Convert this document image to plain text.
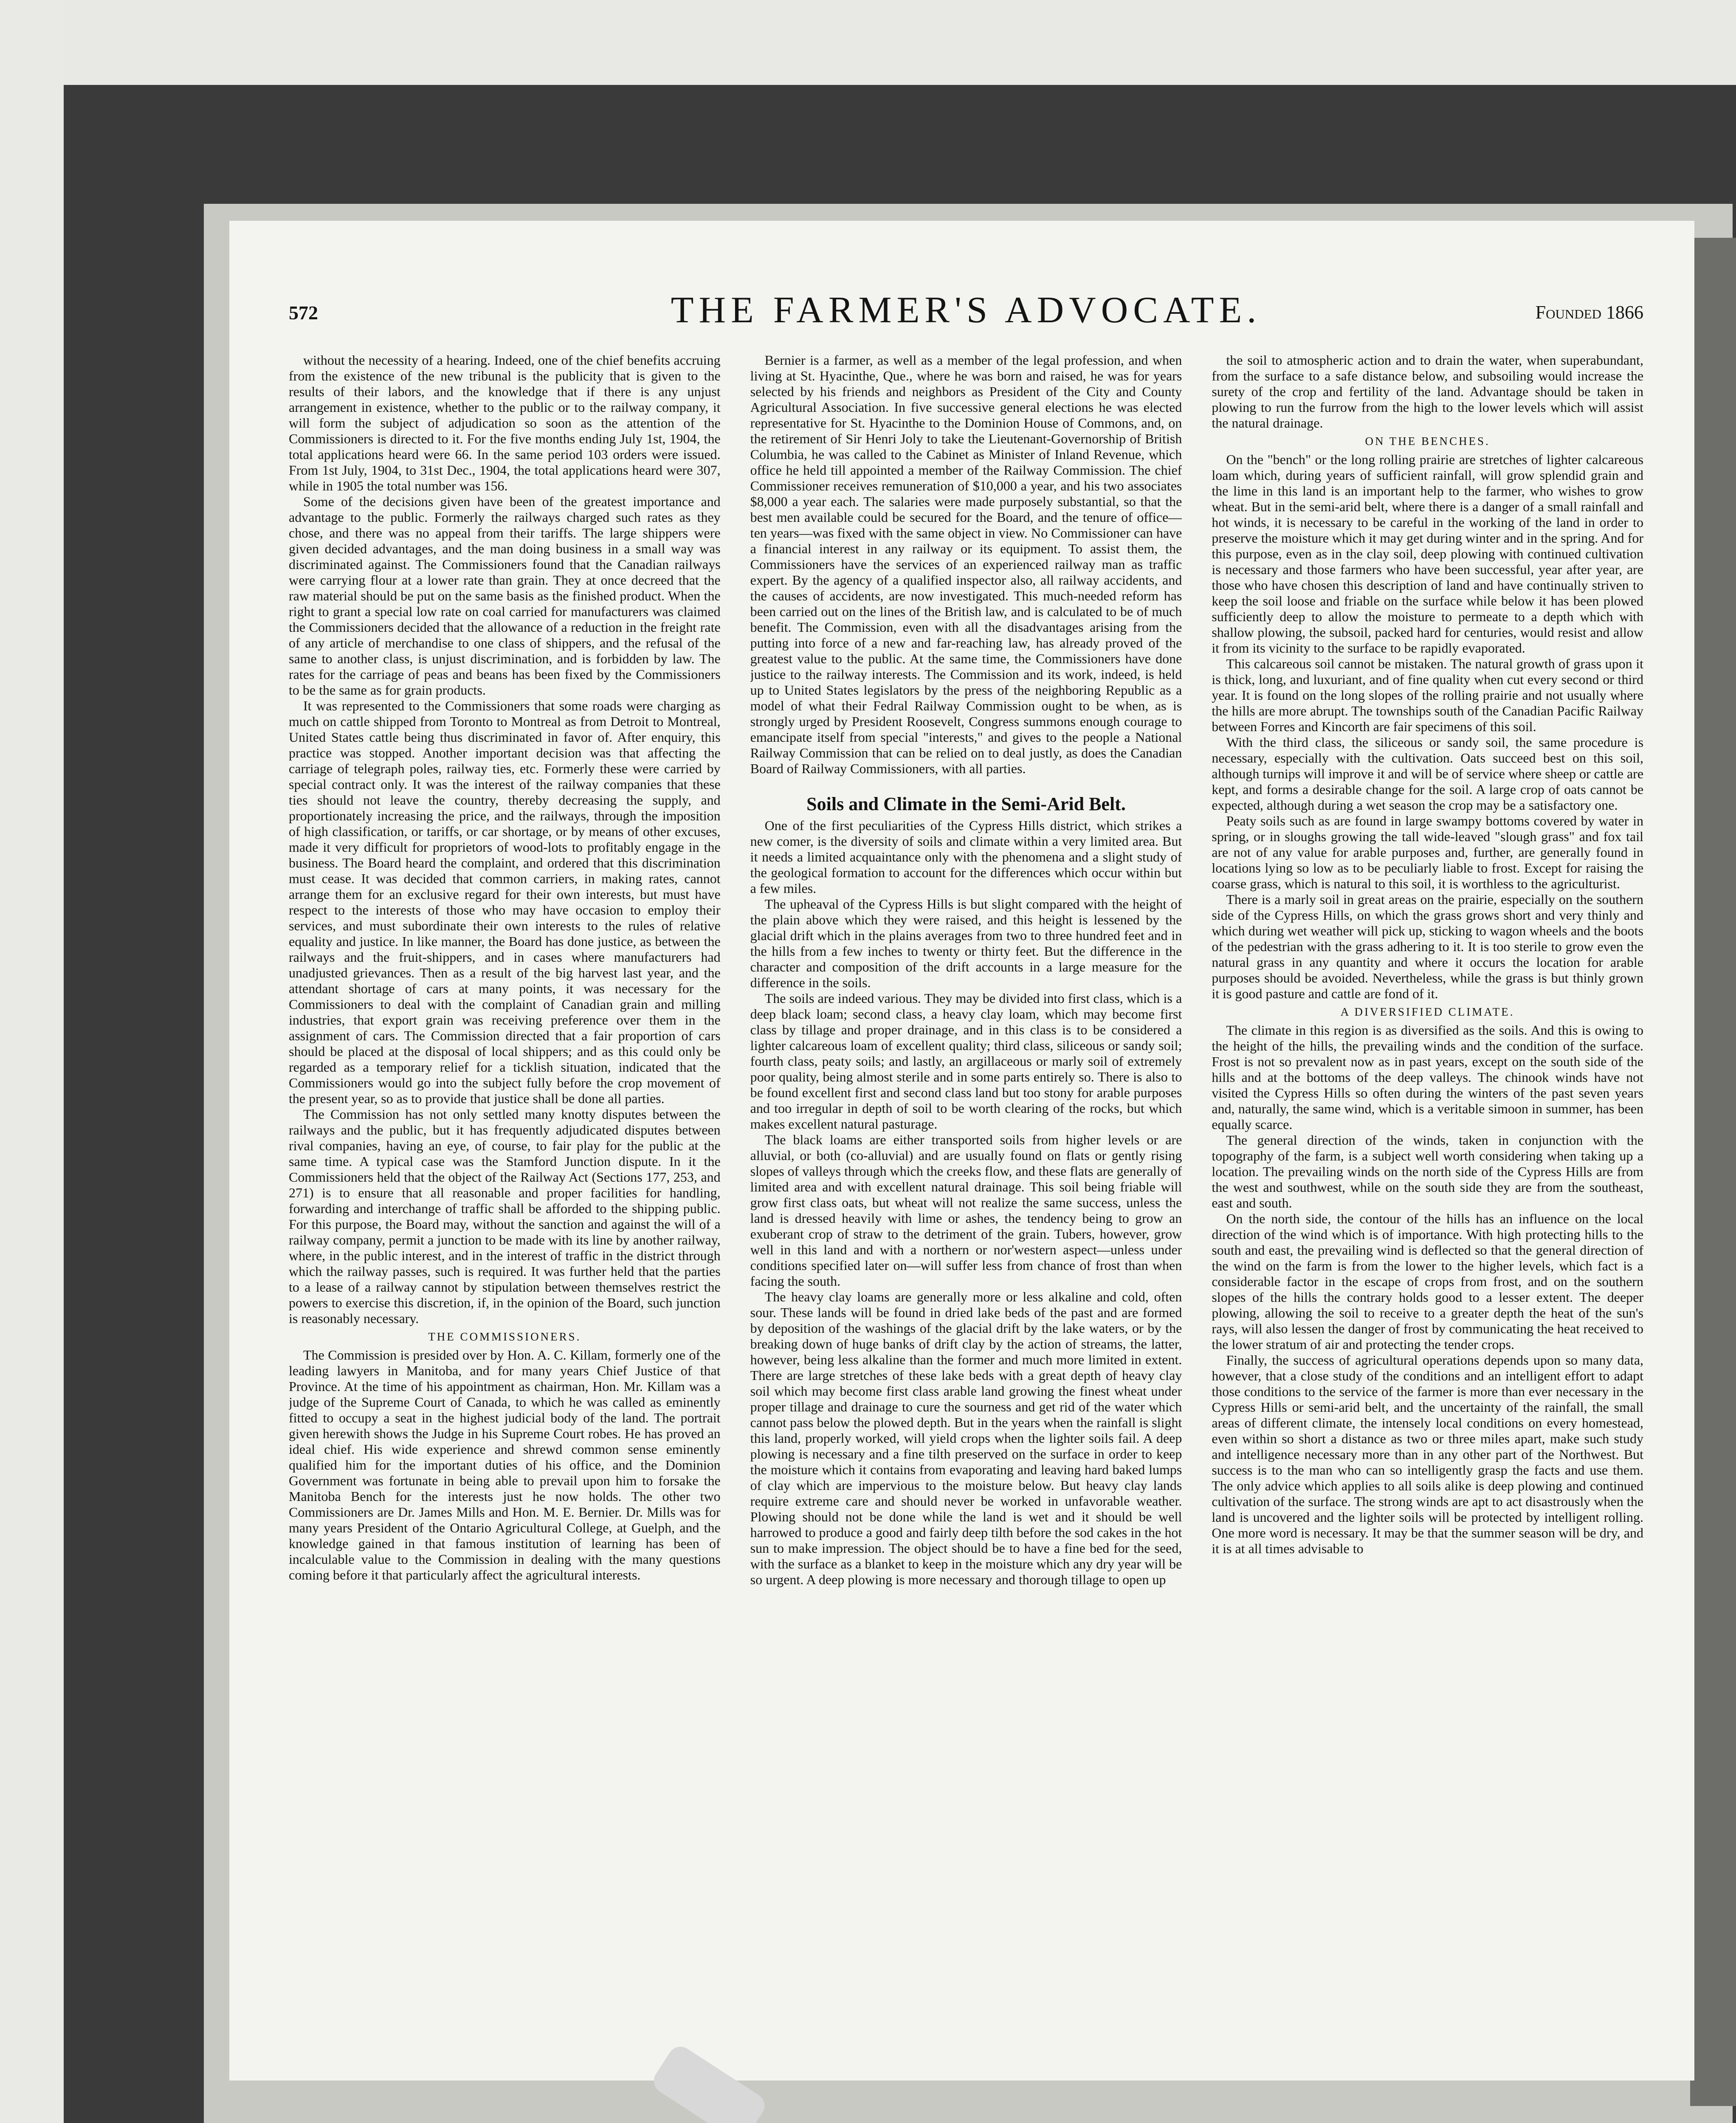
572	THE FARMER'S ADVOCATE.	Founded 1866

without the necessity of a hearing. Indeed, one of the chief benefits accruing from the existence of the new tribunal is the publicity that is given to the results of their labors, and the knowledge that if there is any unjust arrangement in existence, whether to the public or to the railway company, it will form the subject of adjudication so soon as the attention of the Commissioners is directed to it. For the five months ending July 1st, 1904, the total applications heard were 66. In the same period 103 orders were issued. From 1st July, 1904, to 31st Dec., 1904, the total applications heard were 307, while in 1905 the total number was 156.

Some of the decisions given have been of the greatest importance and advantage to the public. Formerly the railways charged such rates as they chose, and there was no appeal from their tariffs. The large shippers were given decided advantages, and the man doing business in a small way was discriminated against. The Commissioners found that the Canadian railways were carrying flour at a lower rate than grain. They at once decreed that the raw material should be put on the same basis as the finished product. When the right to grant a special low rate on coal carried for manufacturers was claimed the Commissioners decided that the allowance of a reduction in the freight rate of any article of merchandise to one class of shippers, and the refusal of the same to another class, is unjust discrimination, and is forbidden by law. The rates for the carriage of peas and beans has been fixed by the Commissioners to be the same as for grain products.

It was represented to the Commissioners that some roads were charging as much on cattle shipped from Toronto to Montreal as from Detroit to Montreal, United States cattle being thus discriminated in favor of. After enquiry, this practice was stopped. Another important decision was that affecting the carriage of telegraph poles, railway ties, etc. Formerly these were carried by special contract only. It was the interest of the railway companies that these ties should not leave the country, thereby decreasing the supply, and proportionately increasing the price, and the railways, through the imposition of high classification, or tariffs, or car shortage, or by means of other excuses, made it very difficult for proprietors of wood-lots to profitably engage in the business. The Board heard the complaint, and ordered that this discrimination must cease. It was decided that common carriers, in making rates, cannot arrange them for an exclusive regard for their own interests, but must have respect to the interests of those who may have occasion to employ their services, and must subordinate their own interests to the rules of relative equality and justice. In like manner, the Board has done justice, as between the railways and the fruit-shippers, and in cases where manufacturers had unadjusted grievances. Then as a result of the big harvest last year, and the attendant shortage of cars at many points, it was necessary for the Commissioners to deal with the complaint of Canadian grain and milling industries, that export grain was receiving preference over them in the assignment of cars. The Commission directed that a fair proportion of cars should be placed at the disposal of local shippers; and as this could only be regarded as a temporary relief for a ticklish situation, indicated that the Commissioners would go into the subject fully before the crop movement of the present year, so as to provide that justice shall be done all parties.

The Commission has not only settled many knotty disputes between the railways and the public, but it has frequently adjudicated disputes between rival companies, having an eye, of course, to fair play for the public at the same time. A typical case was the Stamford Junction dispute. In it the Commissioners held that the object of the Railway Act (Sections 177, 253, and 271) is to ensure that all reasonable and proper facilities for handling, forwarding and interchange of traffic shall be afforded to the shipping public. For this purpose, the Board may, without the sanction and against the will of a railway company, permit a junction to be made with its line by another railway, where, in the public interest, and in the interest of traffic in the district through which the railway passes, such is required. It was further held that the parties to a lease of a railway cannot by stipulation between themselves restrict the powers to exercise this discretion, if, in the opinion of the Board, such junction is reasonably necessary.

THE COMMISSIONERS.

The Commission is presided over by Hon. A. C. Killam, formerly one of the leading lawyers in Manitoba, and for many years Chief Justice of that Province. At the time of his appointment as chairman, Hon. Mr. Killam was a judge of the Supreme Court of Canada, to which he was called as eminently fitted to occupy a seat in the highest judicial body of the land. The portrait given herewith shows the Judge in his Supreme Court robes. He has proved an ideal chief. His wide experience and shrewd common sense eminently qualified him for the important duties of his office, and the Dominion Government was fortunate in being able to prevail upon him to forsake the Manitoba Bench for the interests just he now holds. The other two Commissioners are Dr. James Mills and Hon. M. E. Bernier. Dr. Mills was for many years President of the Ontario Agricultural College, at Guelph, and the knowledge gained in that famous institution of learning has been of incalculable value to the Commission in dealing with the many questions coming before it that particularly affect the agricultural interests.

Bernier is a farmer, as well as a member of the legal profession, and when living at St. Hyacinthe, Que., where he was born and raised, he was for years selected by his friends and neighbors as President of the City and County Agricultural Association. In five successive general elections he was elected representative for St. Hyacinthe to the Dominion House of Commons, and, on the retirement of Sir Henri Joly to take the Lieutenant-Governorship of British Columbia, he was called to the Cabinet as Minister of Inland Revenue, which office he held till appointed a member of the Railway Commission. The chief Commissioner receives remuneration of $10,000 a year, and his two associates $8,000 a year each. The salaries were made purposely substantial, so that the best men available could be secured for the Board, and the tenure of office—ten years—was fixed with the same object in view. No Commissioner can have a financial interest in any railway or its equipment. To assist them, the Commissioners have the services of an experienced railway man as traffic expert. By the agency of a qualified inspector also, all railway accidents, and the causes of accidents, are now investigated. This much-needed reform has been carried out on the lines of the British law, and is calculated to be of much benefit. The Commission, even with all the disadvantages arising from the putting into force of a new and far-reaching law, has already proved of the greatest value to the public. At the same time, the Commissioners have done justice to the railway interests. The Commission and its work, indeed, is held up to United States legislators by the press of the neighboring Republic as a model of what their Fedral Railway Commission ought to be when, as is strongly urged by President Roosevelt, Congress summons enough courage to emancipate itself from special "interests," and gives to the people a National Railway Commission that can be relied on to deal justly, as does the Canadian Board of Railway Commissioners, with all parties.

Soils and Climate in the Semi-Arid Belt.

One of the first peculiarities of the Cypress Hills district, which strikes a new comer, is the diversity of soils and climate within a very limited area. But it needs a limited acquaintance only with the phenomena and a slight study of the geological formation to account for the differences which occur within but a few miles.

The upheaval of the Cypress Hills is but slight compared with the height of the plain above which they were raised, and this height is lessened by the glacial drift which in the plains averages from two to three hundred feet and in the hills from a few inches to twenty or thirty feet. But the difference in the character and composition of the drift accounts in a large measure for the difference in the soils.

The soils are indeed various. They may be divided into first class, which is a deep black loam; second class, a heavy clay loam, which may become first class by tillage and proper drainage, and in this class is to be considered a lighter calcareous loam of excellent quality; third class, siliceous or sandy soil; fourth class, peaty soils; and lastly, an argillaceous or marly soil of extremely poor quality, being almost sterile and in some parts entirely so. There is also to be found excellent first and second class land but too stony for arable purposes and too irregular in depth of soil to be worth clearing of the rocks, but which makes excellent natural pasturage.

The black loams are either transported soils from higher levels or are alluvial, or both (co-alluvial) and are usually found on flats or gently rising slopes of valleys through which the creeks flow, and these flats are generally of limited area and with excellent natural drainage. This soil being friable will grow first class oats, but wheat will not realize the same success, unless the land is dressed heavily with lime or ashes, the tendency being to grow an exuberant crop of straw to the detriment of the grain. Tubers, however, grow well in this land and with a northern or nor'western aspect—unless under conditions specified later on—will suffer less from chance of frost than when facing the south.

The heavy clay loams are generally more or less alkaline and cold, often sour. These lands will be found in dried lake beds of the past and are formed by deposition of the washings of the glacial drift by the lake waters, or by the breaking down of huge banks of drift clay by the action of streams, the latter, however, being less alkaline than the former and much more limited in extent. There are large stretches of these lake beds with a great depth of heavy clay soil which may become first class arable land growing the finest wheat under proper tillage and drainage to cure the sourness and get rid of the water which cannot pass below the plowed depth. But in the years when the rainfall is slight this land, properly worked, will yield crops when the lighter soils fail. A deep plowing is necessary and a fine tilth preserved on the surface in order to keep the moisture which it contains from evaporating and leaving hard baked lumps of clay which are impervious to the moisture below. But heavy clay lands require extreme care and should never be worked in unfavorable weather. Plowing should not be done while the land is wet and it should be well harrowed to produce a good and fairly deep tilth before the sod cakes in the hot sun to make impression. The object should be to have a fine bed for the seed, with the surface as a blanket to keep in the moisture which any dry year will be so urgent. A deep plowing is more necessary and thorough tillage to open up

the soil to atmospheric action and to drain the water, when superabundant, from the surface to a safe distance below, and subsoiling would increase the surety of the crop and fertility of the land. Advantage should be taken in plowing to run the furrow from the high to the lower levels which will assist the natural drainage.

ON THE BENCHES.

On the "bench" or the long rolling prairie are stretches of lighter calcareous loam which, during years of sufficient rainfall, will grow splendid grain and the lime in this land is an important help to the farmer, who wishes to grow wheat. But in the semi-arid belt, where there is a danger of a small rainfall and hot winds, it is necessary to be careful in the working of the land in order to preserve the moisture which it may get during winter and in the spring. And for this purpose, even as in the clay soil, deep plowing with continued cultivation is necessary and those farmers who have been successful, year after year, are those who have chosen this description of land and have continually striven to keep the soil loose and friable on the surface while below it has been plowed sufficiently deep to allow the moisture to permeate to a depth which with shallow plowing, the subsoil, packed hard for centuries, would resist and allow it from its vicinity to the surface to be rapidly evaporated.

This calcareous soil cannot be mistaken. The natural growth of grass upon it is thick, long, and luxuriant, and of fine quality when cut every second or third year. It is found on the long slopes of the rolling prairie and not usually where the hills are more abrupt. The townships south of the Canadian Pacific Railway between Forres and Kincorth are fair specimens of this soil.

With the third class, the siliceous or sandy soil, the same procedure is necessary, especially with the cultivation. Oats succeed best on this soil, although turnips will improve it and will be of service where sheep or cattle are kept, and forms a desirable change for the soil. A large crop of oats cannot be expected, although during a wet season the crop may be a satisfactory one.

Peaty soils such as are found in large swampy bottoms covered by water in spring, or in sloughs growing the tall wide-leaved "slough grass" and fox tail are not of any value for arable purposes and, further, are generally found in locations lying so low as to be peculiarly liable to frost. Except for raising the coarse grass, which is natural to this soil, it is worthless to the agriculturist.

There is a marly soil in great areas on the prairie, especially on the southern side of the Cypress Hills, on which the grass grows short and very thinly and which during wet weather will pick up, sticking to wagon wheels and the boots of the pedestrian with the grass adhering to it. It is too sterile to grow even the natural grass in any quantity and where it occurs the location for arable purposes should be avoided. Nevertheless, while the grass is but thinly grown it is good pasture and cattle are fond of it.

A DIVERSIFIED CLIMATE.

The climate in this region is as diversified as the soils. And this is owing to the height of the hills, the prevailing winds and the condition of the surface. Frost is not so prevalent now as in past years, except on the south side of the hills and at the bottoms of the deep valleys. The chinook winds have not visited the Cypress Hills so often during the winters of the past seven years and, naturally, the same wind, which is a veritable simoon in summer, has been equally scarce.

The general direction of the winds, taken in conjunction with the topography of the farm, is a subject well worth considering when taking up a location. The prevailing winds on the north side of the Cypress Hills are from the west and southwest, while on the south side they are from the southeast, east and south.

On the north side, the contour of the hills has an influence on the local direction of the wind which is of importance. With high protecting hills to the south and east, the prevailing wind is deflected so that the general direction of the wind on the farm is from the lower to the higher levels, which fact is a considerable factor in the escape of crops from frost, and on the southern slopes of the hills the contrary holds good to a lesser extent. The deeper plowing, allowing the soil to receive to a greater depth the heat of the sun's rays, will also lessen the danger of frost by communicating the heat received to the lower stratum of air and protecting the tender crops.

Finally, the success of agricultural operations depends upon so many data, however, that a close study of the conditions and an intelligent effort to adapt those conditions to the service of the farmer is more than ever necessary in the Cypress Hills or semi-arid belt, and the uncertainty of the rainfall, the small areas of different climate, the intensely local conditions on every homestead, even within so short a distance as two or three miles apart, make such study and intelligence necessary more than in any other part of the Northwest. But success is to the man who can so intelligently grasp the facts and use them. The only advice which applies to all soils alike is deep plowing and continued cultivation of the surface. The strong winds are apt to act disastrously when the land is uncovered and the lighter soils will be protected by intelligent rolling. One more word is necessary. It may be that the summer season will be dry, and it is at all times advisable to
